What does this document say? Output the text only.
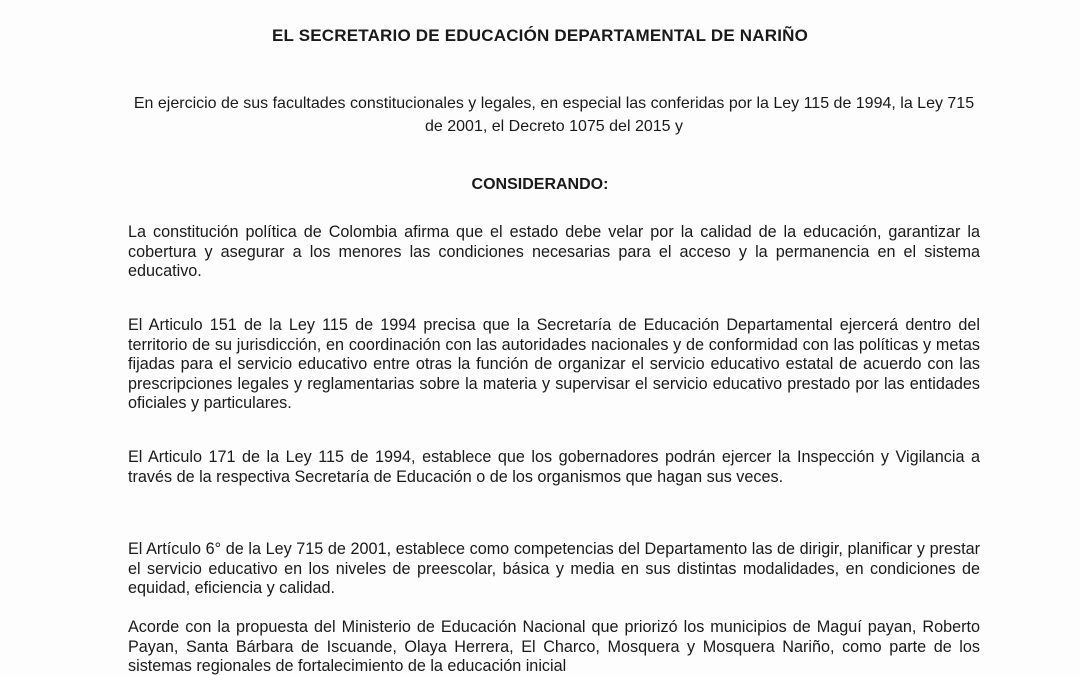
EL SECRETARIO DE EDUCACIÓN DEPARTAMENTAL DE NARIÑO
En ejercicio de sus facultades constitucionales y legales, en especial las conferidas por la Ley 115 de 1994, la Ley 715 de 2001, el Decreto 1075 del 2015 y
CONSIDERANDO:
La constitución política de Colombia afirma que el estado debe velar por la calidad de la educación, garantizar la cobertura y asegurar a los menores las condiciones necesarias para el acceso y la permanencia en el sistema educativo.
El Articulo 151 de la Ley 115 de 1994 precisa que la Secretaría de Educación Departamental ejercerá dentro del territorio de su jurisdicción, en coordinación con las autoridades nacionales y de conformidad con las políticas y metas fijadas para el servicio educativo entre otras la función de organizar el servicio educativo estatal de acuerdo con las prescripciones legales y reglamentarias sobre la materia y supervisar el servicio educativo prestado por las entidades oficiales y particulares.
El Articulo 171 de la Ley 115 de 1994, establece que los gobernadores podrán ejercer la Inspección y Vigilancia a través de la respectiva Secretaría de Educación o de los organismos que hagan sus veces.
El Artículo 6° de la Ley 715 de 2001, establece como competencias del Departamento las de dirigir, planificar y prestar el servicio educativo en los niveles de preescolar, básica y media en sus distintas modalidades, en condiciones de equidad, eficiencia y calidad.
Acorde con la propuesta del Ministerio de Educación Nacional que priorizó los municipios de Maguí payan, Roberto Payan, Santa Bárbara de Iscuande, Olaya Herrera, El Charco, Mosquera y Mosquera Nariño, como parte de los sistemas regionales de fortalecimiento de la educación inicial
